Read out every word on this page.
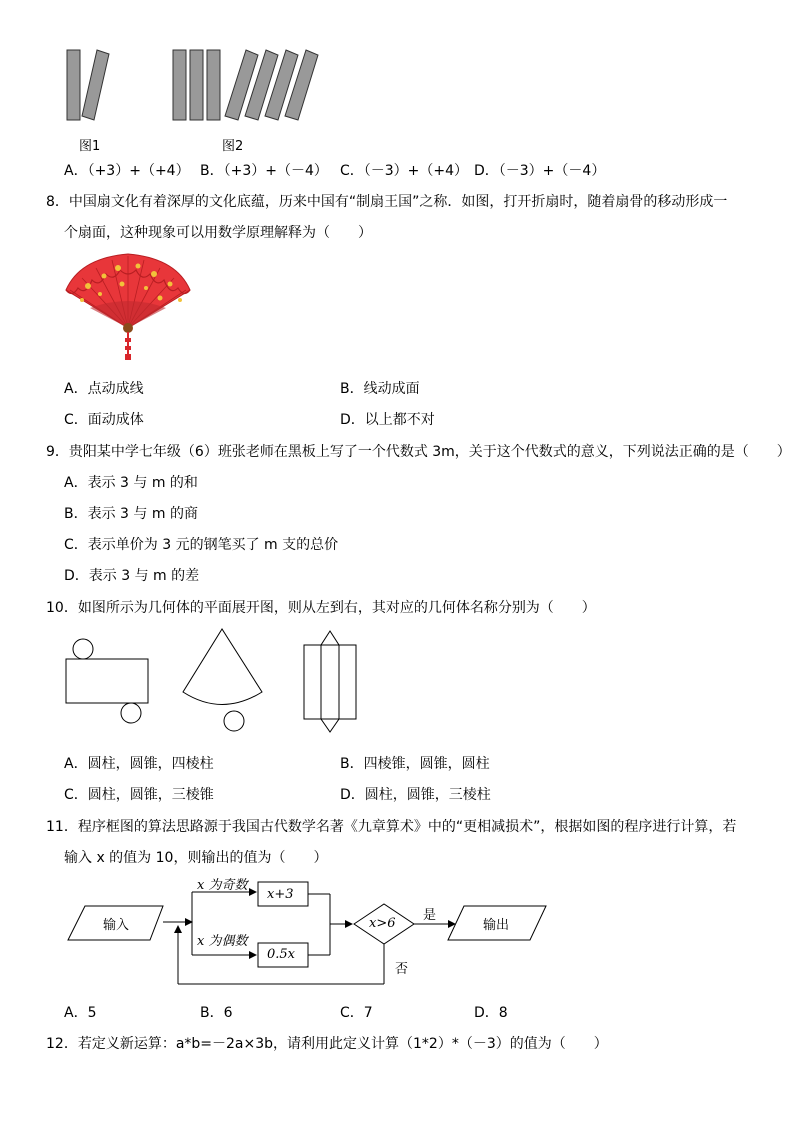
图1	图2
A．（+3）+（+4） B．（+3）+（－4） C．（－3）+（+4） D．（－3）+（－4）
8．中国扇文化有着深厚的文化底蕴，历来中国有“制扇王国”之称．如图，打开折扇时，随着扇骨的移动形成一
个扇面，这种现象可以用数学原理解释为（　　）
A．点动成线	B．线动成面
C．面动成体	D．以上都不对
9．贵阳某中学七年级（6）班张老师在黑板上写了一个代数式 3m，关于这个代数式的意义，下列说法正确的是（　　）
A．表示 3 与 m 的和
B．表示 3 与 m 的商
C．表示单价为 3 元的钢笔买了 m 支的总价
D．表示 3 与 m 的差
10．如图所示为几何体的平面展开图，则从左到右，其对应的几何体名称分别为（　　）
A．圆柱，圆锥，四棱柱	B．四棱锥，圆锥，圆柱
C．圆柱，圆锥，三棱锥	D．圆柱，圆锥，三棱柱
11．程序框图的算法思路源于我国古代数学名著《九章算术》中的“更相减损术”，根据如图的程序进行计算，若
输入 x 的值为 10，则输出的值为（　　）
输入
x 为奇数
x 为偶数
x+3
0.5x
x>6
是
否
输出
A．5	B．6	C．7	D．8
12．若定义新运算：a*b=－2a×3b，请利用此定义计算（1*2）*（－3）的值为（　　）
